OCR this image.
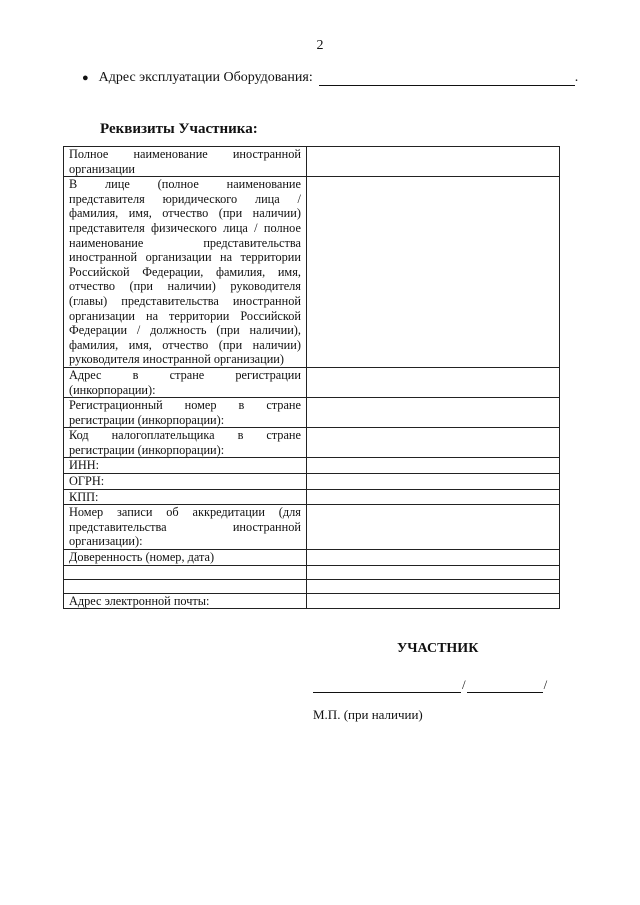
2
● Адрес эксплуатации Оборудования:	.
Реквизиты Участника:
Полное наименование иностранной организации	
В лице (полное наименование представителя юридического лица / фамилия, имя, отчество (при наличии) представителя физического лица / полное наименование представительства иностранной организации на территории Российской Федерации, фамилия, имя, отчество (при наличии) руководителя (главы) представительства иностранной организации на территории Российской Федерации / должность (при наличии), фамилия, имя, отчество (при наличии) руководителя иностранной организации)	
Адрес в стране регистрации (инкорпорации):	
Регистрационный номер в стране регистрации (инкорпорации):	
Код налогоплательщика в стране регистрации (инкорпорации):	
ИНН:	
ОГРН:	
КПП:	
Номер записи об аккредитации (для представительства иностранной организации):	
Доверенность (номер, дата)	

Адрес электронной почты:	
УЧАСТНИК
/	/
М.П. (при наличии)
